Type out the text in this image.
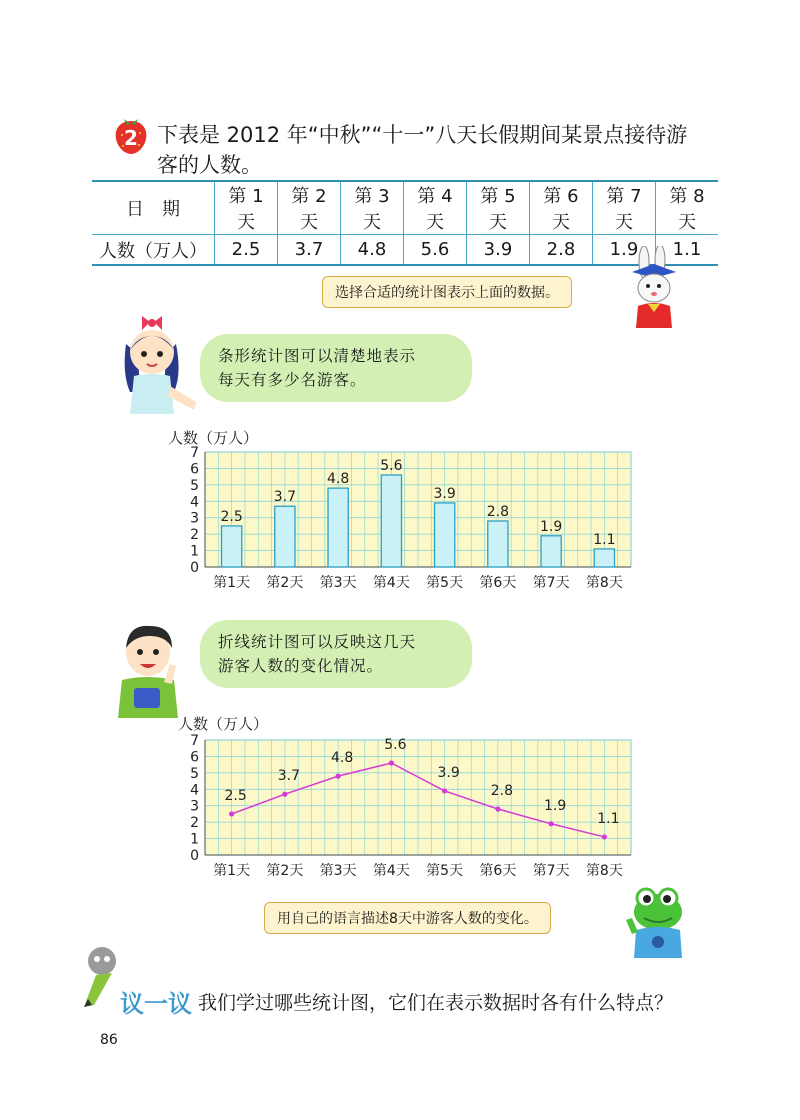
2 下表是 2012 年“中秋”“十一”八天长假期间某景点接待游
客的人数。
日　期	第 1 天	第 2 天	第 3 天	第 4 天	第 5 天	第 6 天	第 7 天	第 8 天
人数（万人）	2.5	3.7	4.8	5.6	3.9	2.8	1.9	1.1
选择合适的统计图表示上面的数据。
条形统计图可以清楚地表示
每天有多少名游客。
人数（万人）
0
1
2
3
4
5
6
7
第1天 第2天 第3天 第4天 第5天 第6天 第7天 第8天
2.5
3.7
4.8
5.6
3.9
2.8
1.9
1.1
折线统计图可以反映这几天
游客人数的变化情况。
人数（万人）
0
1
2
3
4
5
6
7
第1天 第2天 第3天 第4天 第5天 第6天 第7天 第8天
2.5
3.7
4.8
5.6
3.9
2.8
1.9
1.1
用自己的语言描述8天中游客人数的变化。
议一议 我们学过哪些统计图，它们在表示数据时各有什么特点？
86
